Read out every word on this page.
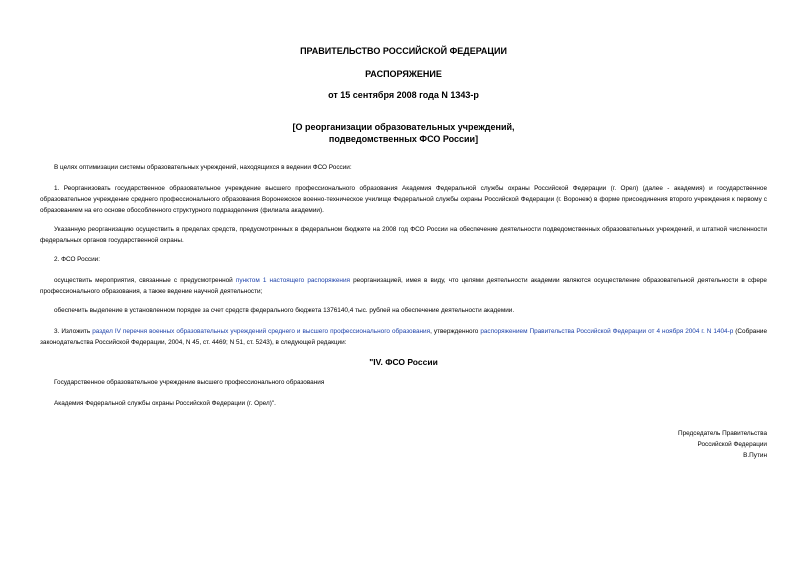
ПРАВИТЕЛЬСТВО РОССИЙСКОЙ ФЕДЕРАЦИИ

РАСПОРЯЖЕНИЕ

от 15 сентября 2008 года N 1343-р

[О реорганизации образовательных учреждений,

подведомственных ФСО России]

В целях оптимизации системы образовательных учреждений, находящихся в ведении ФСО России:

1. Реорганизовать государственное образовательное учреждение высшего профессионального образования Академия Федеральной службы охраны Российской Федерации (г. Орел) (далее - академия) и государственное образовательное учреждение среднего профессионального образования Воронежское военно-техническое училище Федеральной службы охраны Российской Федерации (г. Воронеж) в форме присоединения второго учреждения к первому с образованием на его основе обособленного структурного подразделения (филиала академии).

Указанную реорганизацию осуществить в пределах средств, предусмотренных в федеральном бюджете на 2008 год ФСО России на обеспечение деятельности подведомственных образовательных учреждений, и штатной численности федеральных органов государственной охраны.

2. ФСО России:

осуществить мероприятия, связанные с предусмотренной пунктом 1 настоящего распоряжения реорганизацией, имея в виду, что целями деятельности академии являются осуществление образовательной деятельности в сфере профессионального образования, а также ведение научной деятельности;

обеспечить выделение в установленном порядке за счет средств федерального бюджета 1376140,4 тыс. рублей на обеспечение деятельности академии.

3. Изложить раздел IV перечня военных образовательных учреждений среднего и высшего профессионального образования, утвержденного распоряжением Правительства Российской Федерации от 4 ноября 2004 г. N 1404-р (Собрание законодательства Российской Федерации, 2004, N 45, ст. 4469; N 51, ст. 5243), в следующей редакции:

"IV. ФСО России

Государственное образовательное учреждение высшего профессионального образования

Академия Федеральной службы охраны Российской Федерации (г. Орел)".

Председатель Правительства

Российской Федерации

В.Путин
